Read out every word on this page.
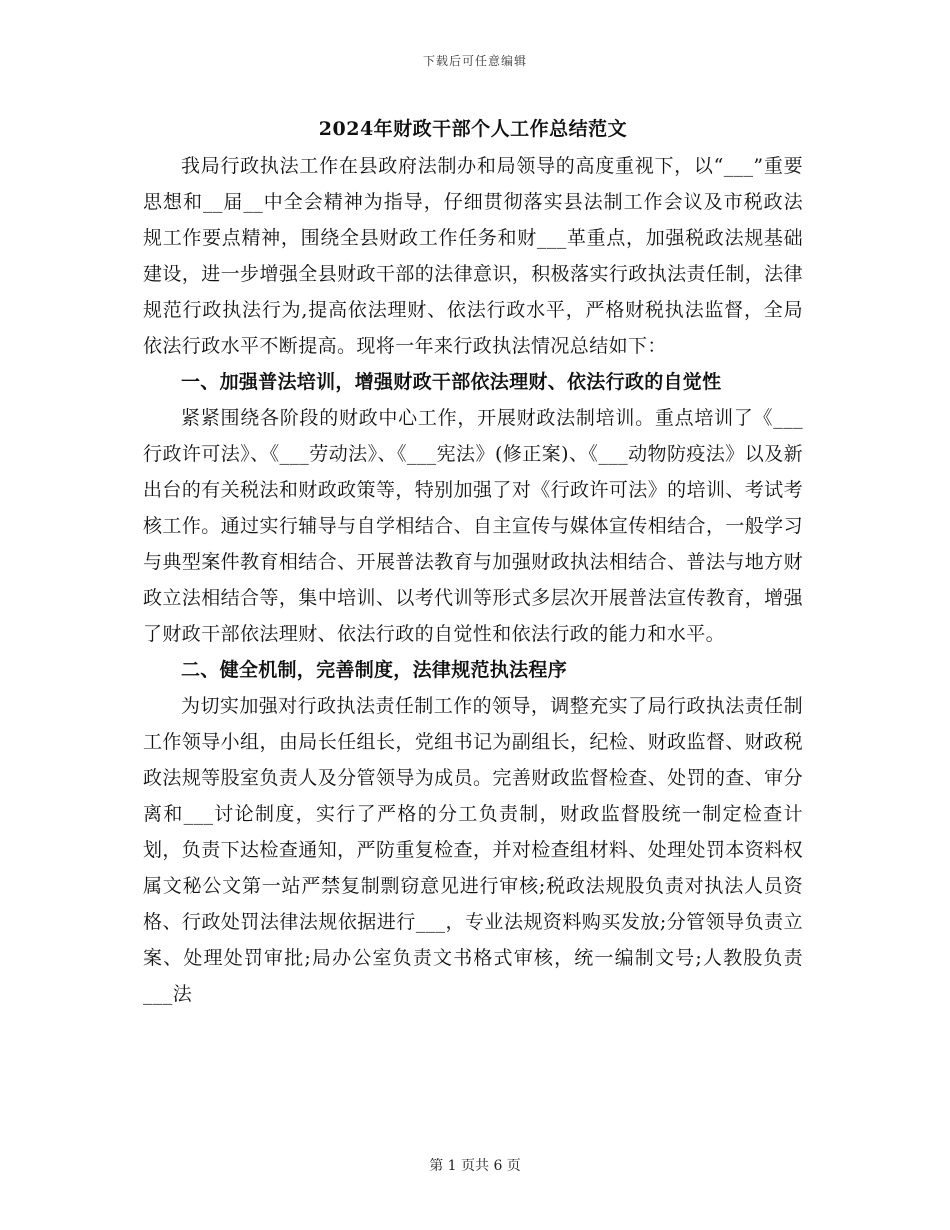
下载后可任意编辑
2024年财政干部个人工作总结范文

我局行政执法工作在县政府法制办和局领导的高度重视下，以“___”重要思想和__届__中全会精神为指导，仔细贯彻落实县法制工作会议及市税政法规工作要点精神，围绕全县财政工作任务和财___革重点，加强税政法规基础建设，进一步增强全县财政干部的法律意识，积极落实行政执法责任制，法律规范行政执法行为,提高依法理财、依法行政水平，严格财税执法监督，全局依法行政水平不断提高。现将一年来行政执法情况总结如下：

一、加强普法培训，增强财政干部依法理财、依法行政的自觉性

紧紧围绕各阶段的财政中心工作，开展财政法制培训。重点培训了《___行政许可法》、《___劳动法》、《___宪法》(修正案)、《___动物防疫法》以及新出台的有关税法和财政政策等，特别加强了对《行政许可法》的培训、考试考核工作。通过实行辅导与自学相结合、自主宣传与媒体宣传相结合，一般学习与典型案件教育相结合、开展普法教育与加强财政执法相结合、普法与地方财政立法相结合等，集中培训、以考代训等形式多层次开展普法宣传教育，增强了财政干部依法理财、依法行政的自觉性和依法行政的能力和水平。

二、健全机制，完善制度，法律规范执法程序

为切实加强对行政执法责任制工作的领导，调整充实了局行政执法责任制工作领导小组，由局长任组长，党组书记为副组长，纪检、财政监督、财政税政法规等股室负责人及分管领导为成员。完善财政监督检查、处罚的查、审分离和___讨论制度，实行了严格的分工负责制，财政监督股统一制定检查计划，负责下达检查通知，严防重复检查，并对检查组材料、处理处罚本资料权属文秘公文第一站严禁复制剽窃意见进行审核;税政法规股负责对执法人员资格、行政处罚法律法规依据进行___，专业法规资料购买发放;分管领导负责立案、处理处罚审批;局办公室负责文书格式审核，统一编制文号;人教股负责___法

第 1 页共 6 页
